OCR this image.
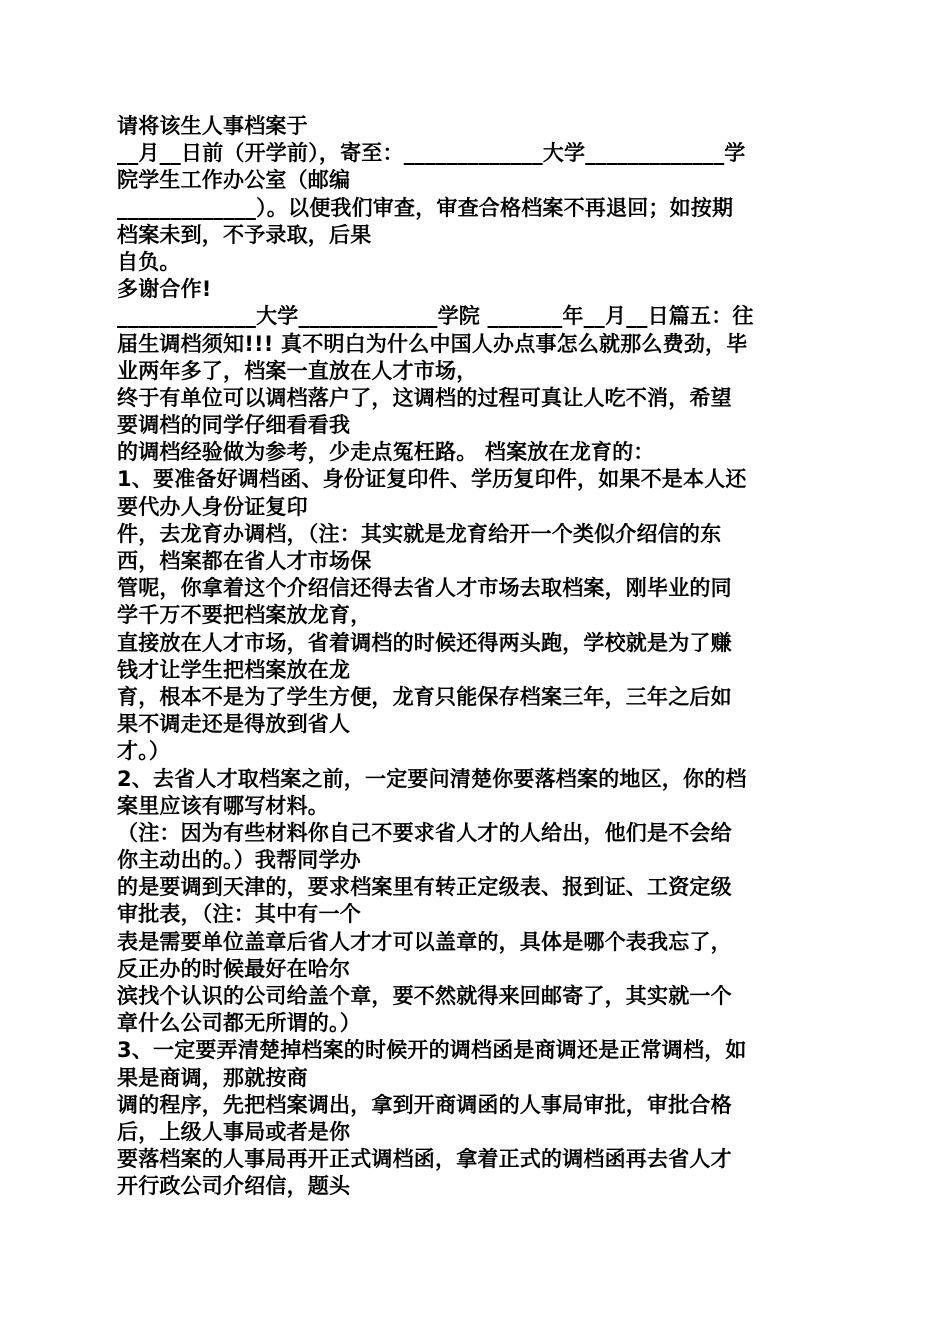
请将该生人事档案于
__月__日前（开学前），寄至：_____________大学_____________学
院学生工作办公室（邮编
_____________）。以便我们审查，审查合格档案不再退回；如按期
档案未到，不予录取，后果
自负。
多谢合作!
_____________大学_____________学院 _______年__月__日篇五：往
届生调档须知!!! 真不明白为什么中国人办点事怎么就那么费劲，毕
业两年多了，档案一直放在人才市场，
终于有单位可以调档落户了，这调档的过程可真让人吃不消，希望
要调档的同学仔细看看我
的调档经验做为参考，少走点冤枉路。 档案放在龙育的：
1、要准备好调档函、身份证复印件、学历复印件，如果不是本人还
要代办人身份证复印
件，去龙育办调档，（注：其实就是龙育给开一个类似介绍信的东
西，档案都在省人才市场保
管呢，你拿着这个介绍信还得去省人才市场去取档案，刚毕业的同
学千万不要把档案放龙育，
直接放在人才市场，省着调档的时候还得两头跑，学校就是为了赚
钱才让学生把档案放在龙
育，根本不是为了学生方便，龙育只能保存档案三年，三年之后如
果不调走还是得放到省人
才。）
2、去省人才取档案之前，一定要问清楚你要落档案的地区，你的档
案里应该有哪写材料。
（注：因为有些材料你自己不要求省人才的人给出，他们是不会给
你主动出的。）我帮同学办
的是要调到天津的，要求档案里有转正定级表、报到证、工资定级
审批表，（注：其中有一个
表是需要单位盖章后省人才才可以盖章的，具体是哪个表我忘了，
反正办的时候最好在哈尔
滨找个认识的公司给盖个章，要不然就得来回邮寄了，其实就一个
章什么公司都无所谓的。）
3、一定要弄清楚掉档案的时候开的调档函是商调还是正常调档，如
果是商调，那就按商
调的程序，先把档案调出，拿到开商调函的人事局审批，审批合格
后，上级人事局或者是你
要落档案的人事局再开正式调档函，拿着正式的调档函再去省人才
开行政公司介绍信，题头
